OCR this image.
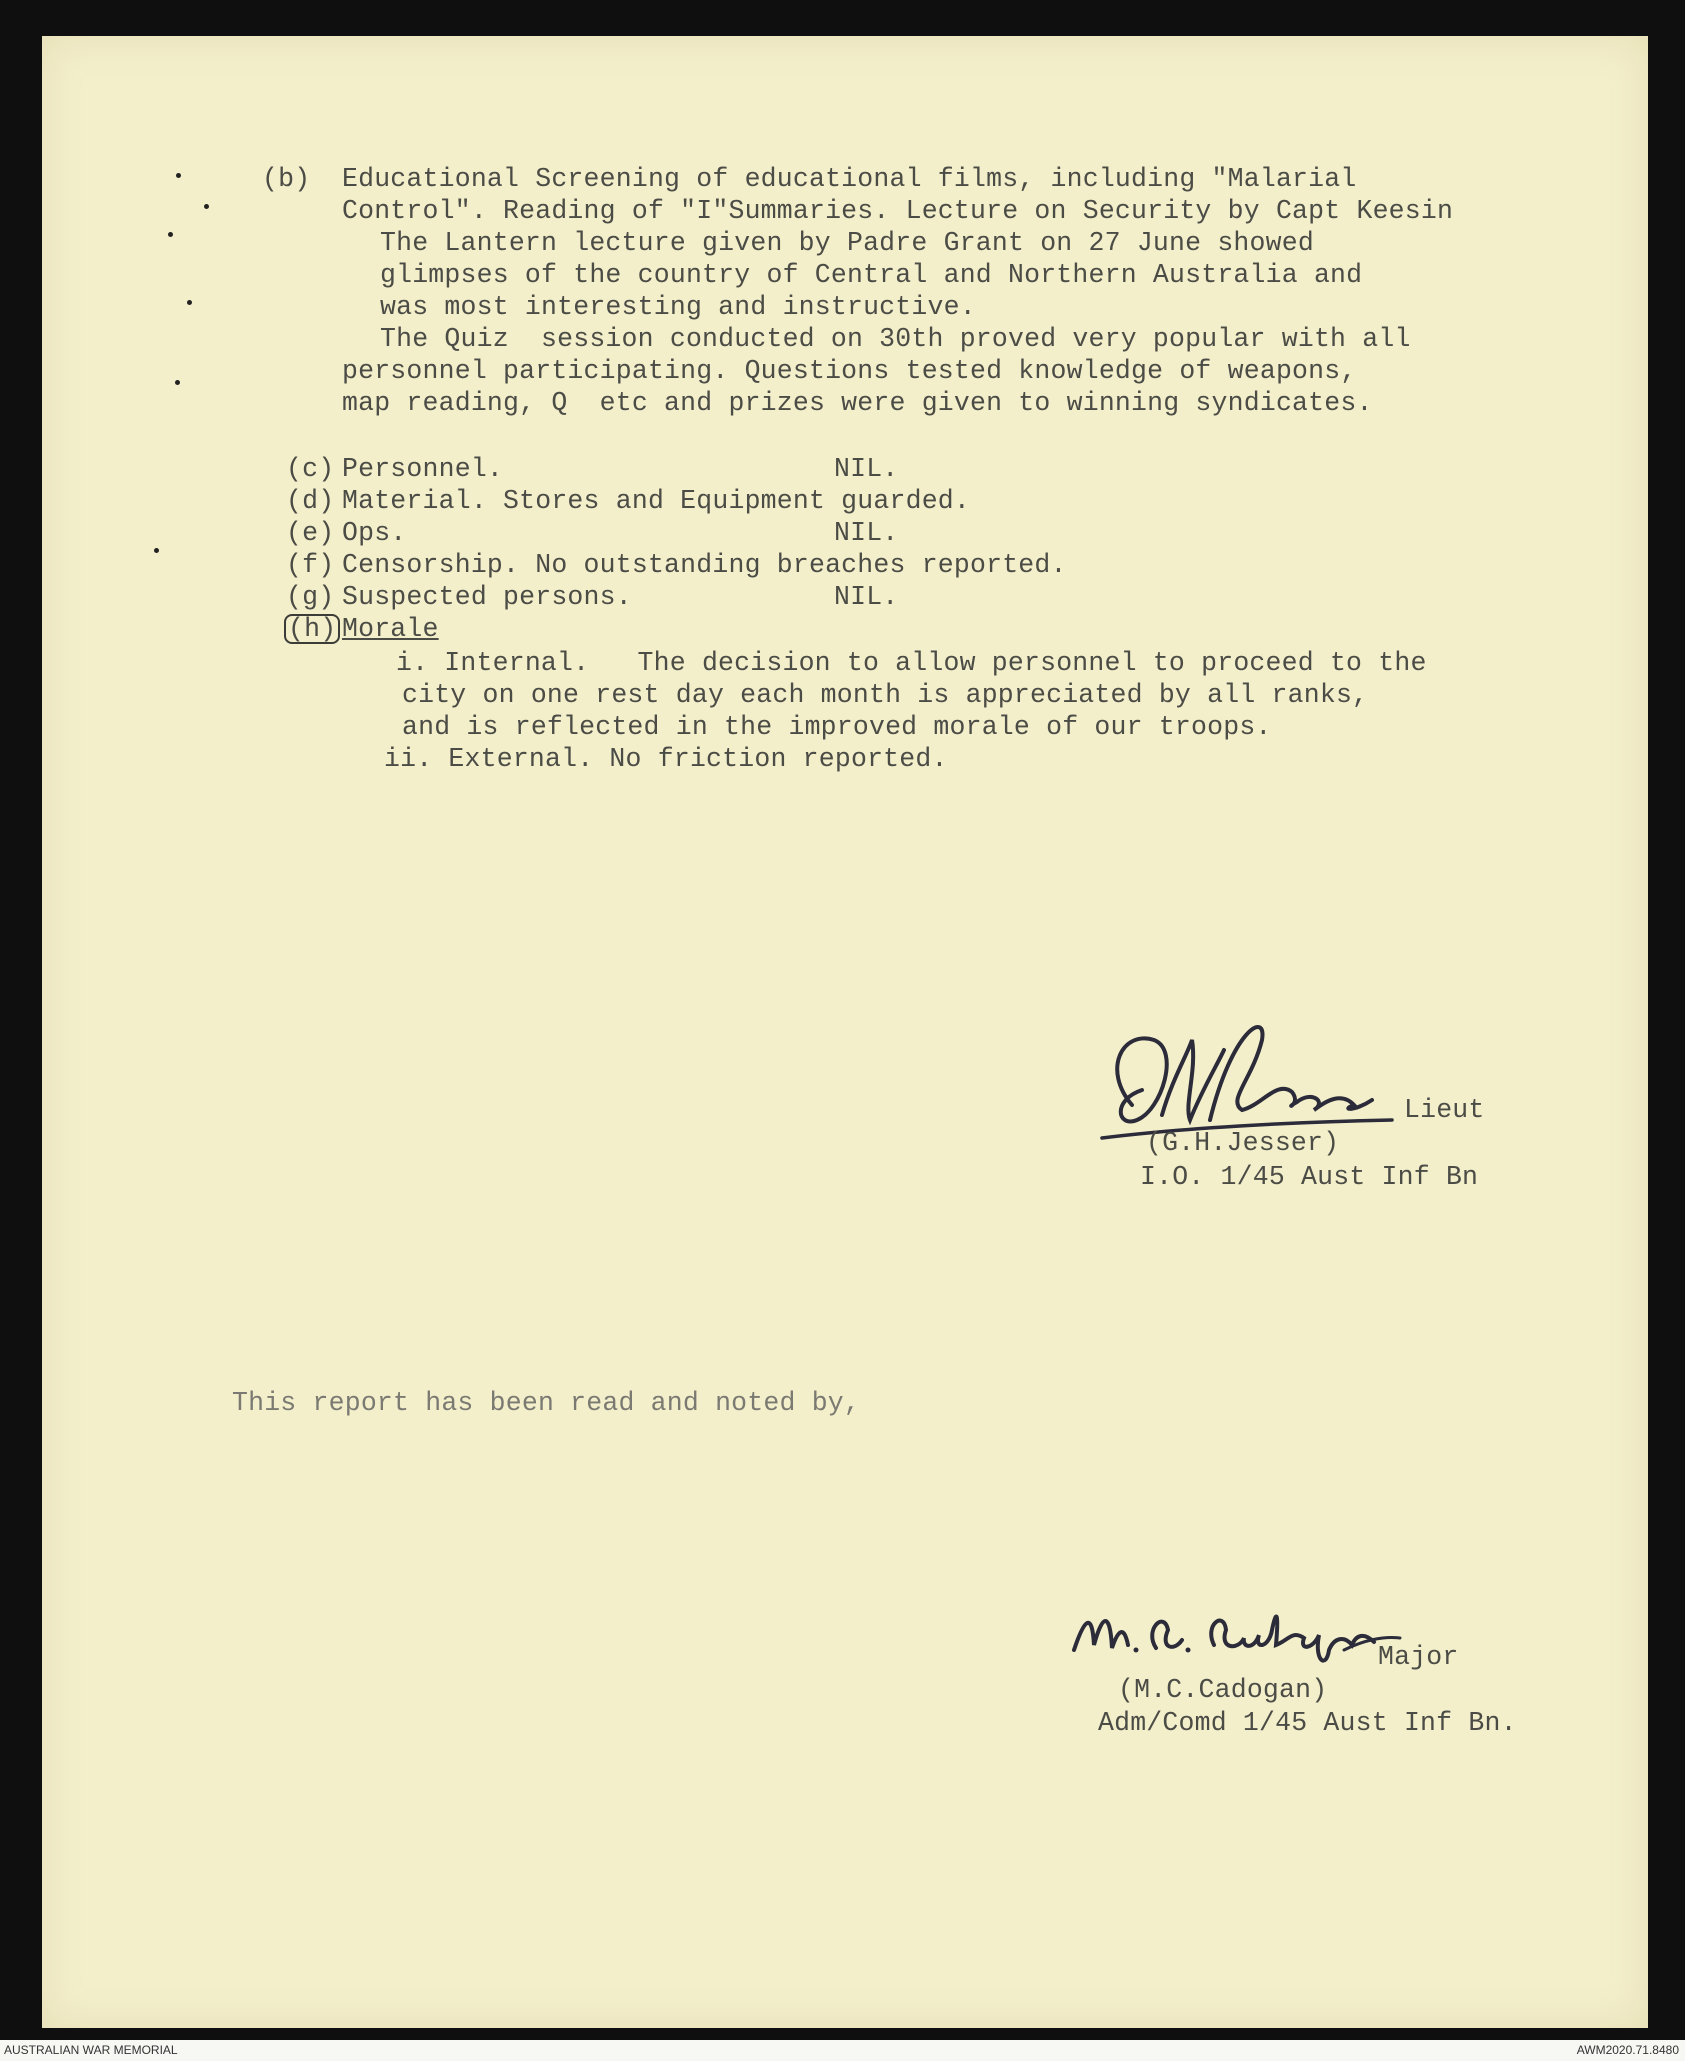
(b) Educational Screening of educational films, including "Malarial
Control". Reading of "I"Summaries. Lecture on Security by Capt Keesin
The Lantern lecture given by Padre Grant on 27 June showed
glimpses of the country of Central and Northern Australia and
was most interesting and instructive.
The Quiz  session conducted on 30th proved very popular with all
personnel participating. Questions tested knowledge of weapons,
map reading, Q  etc and prizes were given to winning syndicates.
(c) Personnel.	NIL.
(d) Material. Stores and Equipment guarded.
(e) Ops.	NIL.
(f) Censorship. No outstanding breaches reported.
(g) Suspected persons.	NIL.
(h) Morale
i. Internal.   The decision to allow personnel to proceed to the
city on one rest day each month is appreciated by all ranks,
and is reflected in the improved morale of our troops.
ii. External. No friction reported.
Lieut
(G.H.Jesser)
I.O. 1/45 Aust Inf Bn
This report has been read and noted by,
Major
(M.C.Cadogan)
Adm/Comd 1/45 Aust Inf Bn.
AUSTRALIAN WAR MEMORIAL	AWM2020.71.8480
